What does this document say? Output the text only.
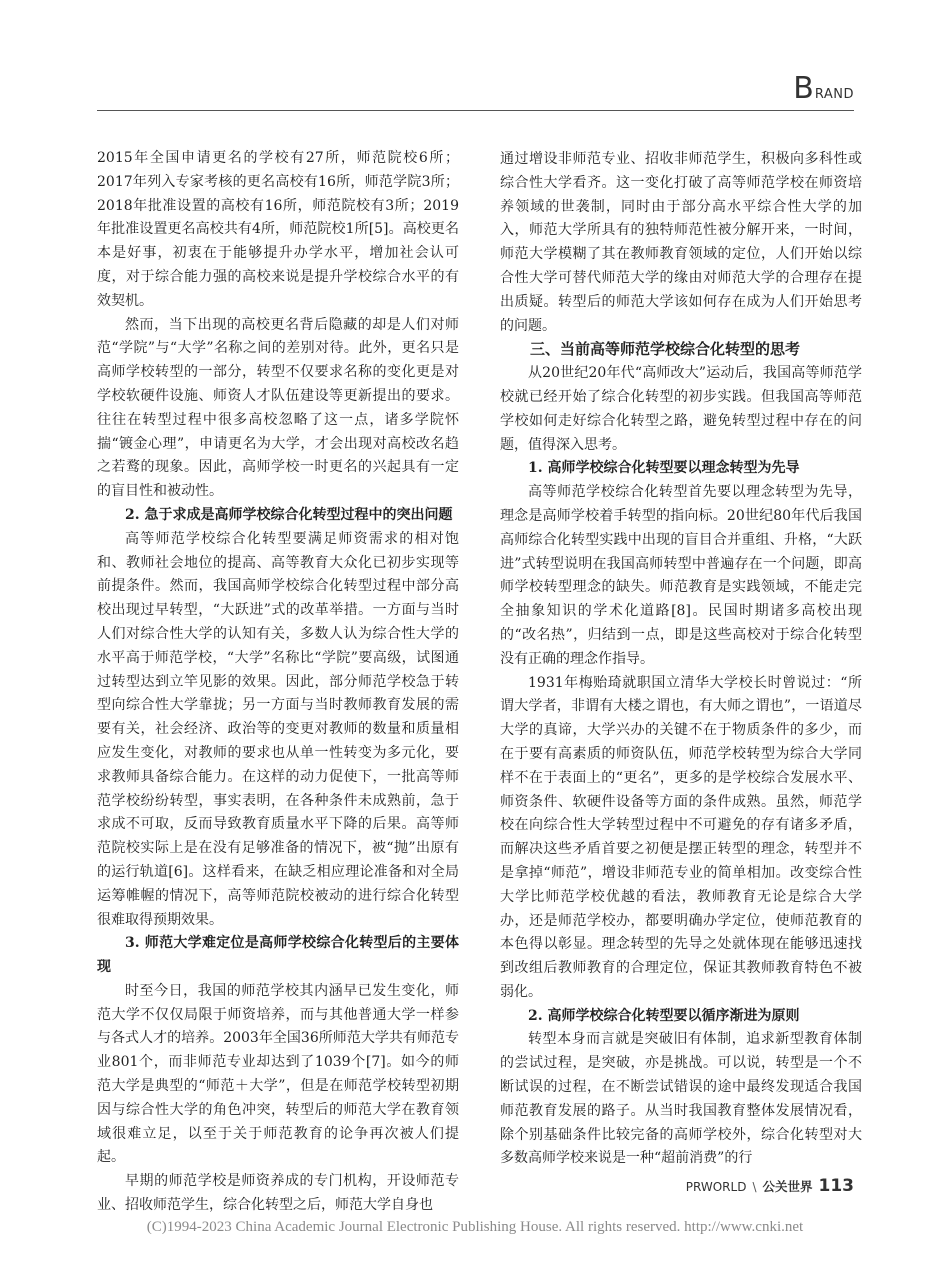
B RAND

2015年全国申请更名的学校有27所，师范院校6所；2017年列入专家考核的更名高校有16所，师范学院3所；2018年批准设置的高校有16所，师范院校有3所；2019年批准设置更名高校共有4所，师范院校1所[5]。高校更名本是好事，初衷在于能够提升办学水平，增加社会认可度，对于综合能力强的高校来说是提升学校综合水平的有效契机。

然而，当下出现的高校更名背后隐藏的却是人们对师范“学院”与“大学”名称之间的差别对待。此外，更名只是高师学校转型的一部分，转型不仅要求名称的变化更是对学校软硬件设施、师资人才队伍建设等更新提出的要求。往往在转型过程中很多高校忽略了这一点，诸多学院怀揣“镀金心理”，申请更名为大学，才会出现对高校改名趋之若鹜的现象。因此，高师学校一时更名的兴起具有一定的盲目性和被动性。

2. 急于求成是高师学校综合化转型过程中的突出问题

高等师范学校综合化转型要满足师资需求的相对饱和、教师社会地位的提高、高等教育大众化已初步实现等前提条件。然而，我国高师学校综合化转型过程中部分高校出现过早转型，“大跃进”式的改革举措。一方面与当时人们对综合性大学的认知有关，多数人认为综合性大学的水平高于师范学校，“大学”名称比“学院”要高级，试图通过转型达到立竿见影的效果。因此，部分师范学校急于转型向综合性大学靠拢；另一方面与当时教师教育发展的需要有关，社会经济、政治等的变更对教师的数量和质量相应发生变化，对教师的要求也从单一性转变为多元化，要求教师具备综合能力。在这样的动力促使下，一批高等师范学校纷纷转型，事实表明，在各种条件未成熟前，急于求成不可取，反而导致教育质量水平下降的后果。高等师范院校实际上是在没有足够准备的情况下，被“抛”出原有的运行轨道[6]。这样看来，在缺乏相应理论准备和对全局运筹帷幄的情况下，高等师范院校被动的进行综合化转型很难取得预期效果。

3. 师范大学难定位是高师学校综合化转型后的主要体现

时至今日，我国的师范学校其内涵早已发生变化，师范大学不仅仅局限于师资培养，而与其他普通大学一样参与各式人才的培养。2003年全国36所师范大学共有师范专业801个，而非师范专业却达到了1039个[7]。如今的师范大学是典型的“师范＋大学”，但是在师范学校转型初期因与综合性大学的角色冲突，转型后的师范大学在教育领域很难立足，以至于关于师范教育的论争再次被人们提起。

早期的师范学校是师资养成的专门机构，开设师范专业、招收师范学生，综合化转型之后，师范大学自身也

通过增设非师范专业、招收非师范学生，积极向多科性或综合性大学看齐。这一变化打破了高等师范学校在师资培养领域的世袭制，同时由于部分高水平综合性大学的加入，师范大学所具有的独特师范性被分解开来，一时间，师范大学模糊了其在教师教育领域的定位，人们开始以综合性大学可替代师范大学的缘由对师范大学的合理存在提出质疑。转型后的师范大学该如何存在成为人们开始思考的问题。

三、当前高等师范学校综合化转型的思考

从20世纪20年代“高师改大”运动后，我国高等师范学校就已经开始了综合化转型的初步实践。但我国高等师范学校如何走好综合化转型之路，避免转型过程中存在的问题，值得深入思考。

1. 高师学校综合化转型要以理念转型为先导

高等师范学校综合化转型首先要以理念转型为先导，理念是高师学校着手转型的指向标。20世纪80年代后我国高师综合化转型实践中出现的盲目合并重组、升格，“大跃进”式转型说明在我国高师转型中普遍存在一个问题，即高师学校转型理念的缺失。师范教育是实践领域，不能走完全抽象知识的学术化道路[8]。民国时期诸多高校出现的“改名热”，归结到一点，即是这些高校对于综合化转型没有正确的理念作指导。

1931年梅贻琦就职国立清华大学校长时曾说过：“所谓大学者，非谓有大楼之谓也，有大师之谓也”，一语道尽大学的真谛，大学兴办的关键不在于物质条件的多少，而在于要有高素质的师资队伍，师范学校转型为综合大学同样不在于表面上的“更名”，更多的是学校综合发展水平、师资条件、软硬件设备等方面的条件成熟。虽然，师范学校在向综合性大学转型过程中不可避免的存有诸多矛盾，而解决这些矛盾首要之初便是摆正转型的理念，转型并不是拿掉“师范”，增设非师范专业的简单相加。改变综合性大学比师范学校优越的看法，教师教育无论是综合大学办，还是师范学校办，都要明确办学定位，使师范教育的本色得以彰显。理念转型的先导之处就体现在能够迅速找到改组后教师教育的合理定位，保证其教师教育特色不被弱化。

2. 高师学校综合化转型要以循序渐进为原则

转型本身而言就是突破旧有体制，追求新型教育体制的尝试过程，是突破，亦是挑战。可以说，转型是一个不断试误的过程，在不断尝试错误的途中最终发现适合我国师范教育发展的路子。从当时我国教育整体发展情况看，除个别基础条件比较完备的高师学校外，综合化转型对大多数高师学校来说是一种“超前消费”的行

PRWORLD \ 公关世界 113
(C)1994-2023 China Academic Journal Electronic Publishing House. All rights reserved. http://www.cnki.net
